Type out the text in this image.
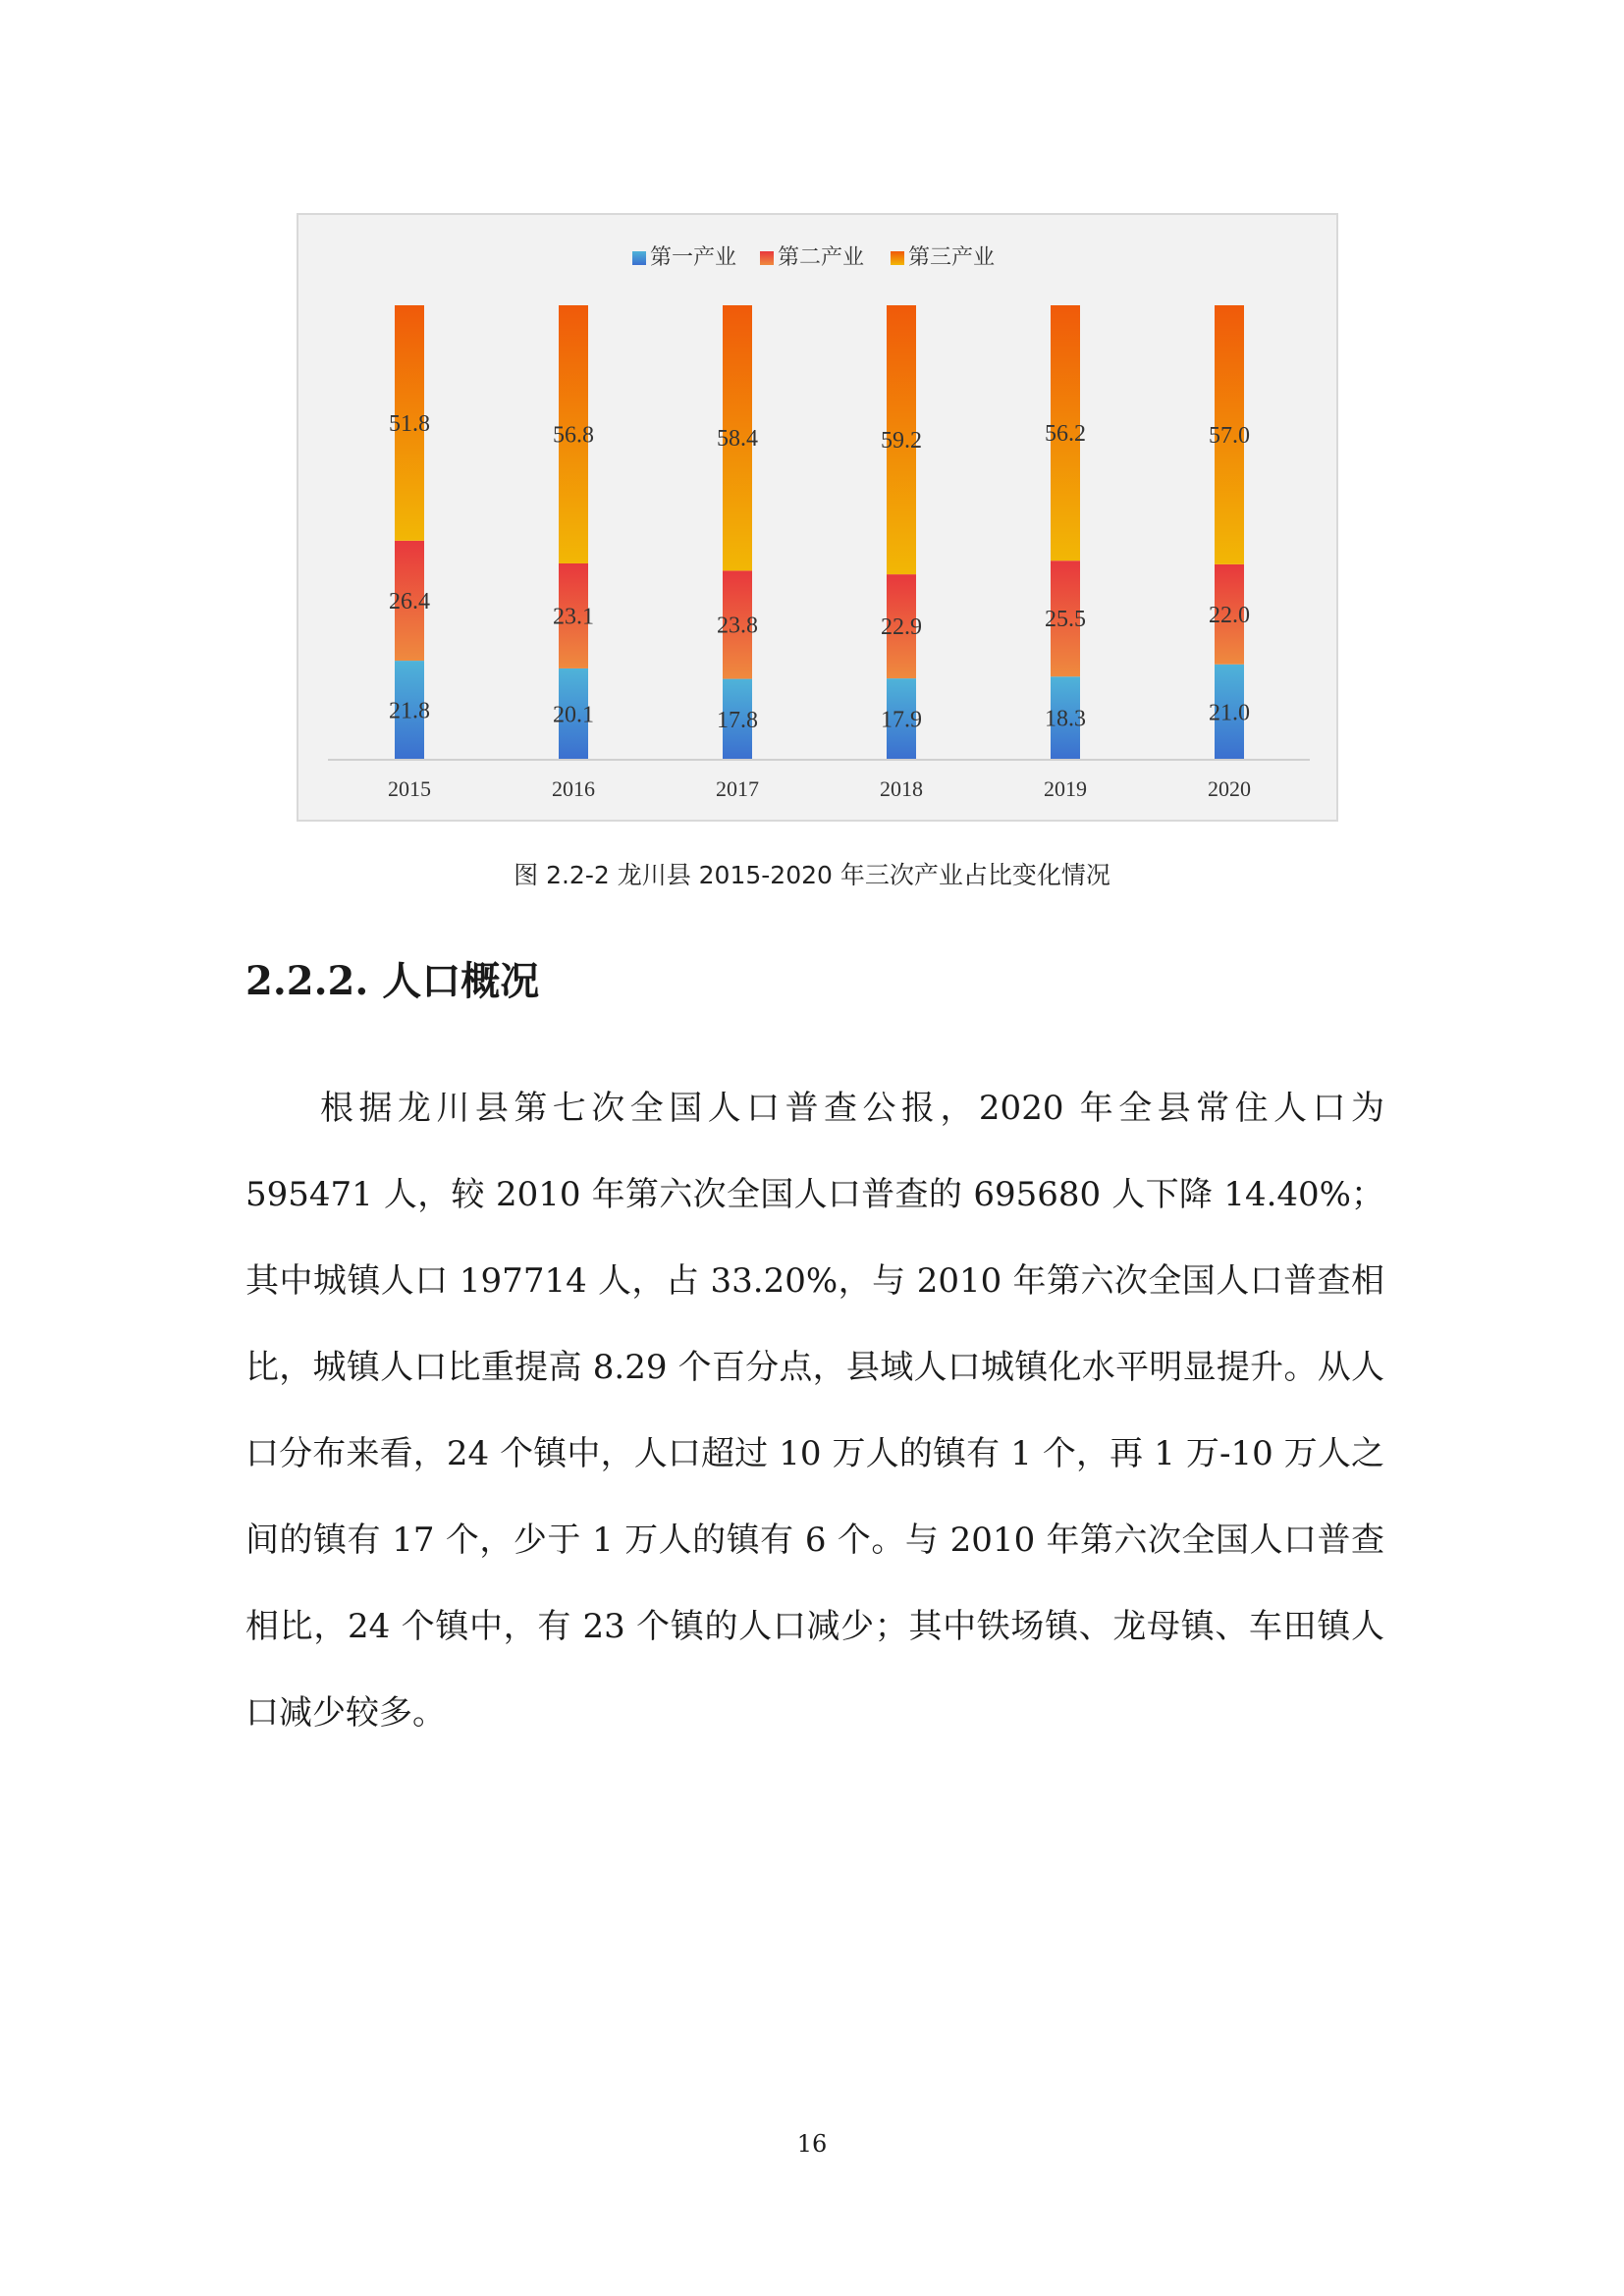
第一产业 第二产业 第三产业
21.8
26.4
51.8
20.1
23.1
56.8
17.8
23.8
58.4
17.9
22.9
59.2
18.3
25.5
56.2
21.0
22.0
57.0
2015	2016	2017	2018	2019	2020
图 2.2-2 龙川县 2015-2020 年三次产业占比变化情况
2.2.2. 人口概况
根据龙川县第七次全国人口普查公报，2020 年全县常住人口为 595471 人，较 2010 年第六次全国人口普查的 695680 人下降 14.40%；其中城镇人口 197714 人，占 33.20%，与 2010 年第六次全国人口普查相比，城镇人口比重提高 8.29 个百分点，县域人口城镇化水平明显提升。从人口分布来看，24 个镇中，人口超过 10 万人的镇有 1 个，再 1 万-10 万人之间的镇有 17 个，少于 1 万人的镇有 6 个。与 2010 年第六次全国人口普查相比，24 个镇中，有 23 个镇的人口减少；其中铁场镇、龙母镇、车田镇人口减少较多。
16
